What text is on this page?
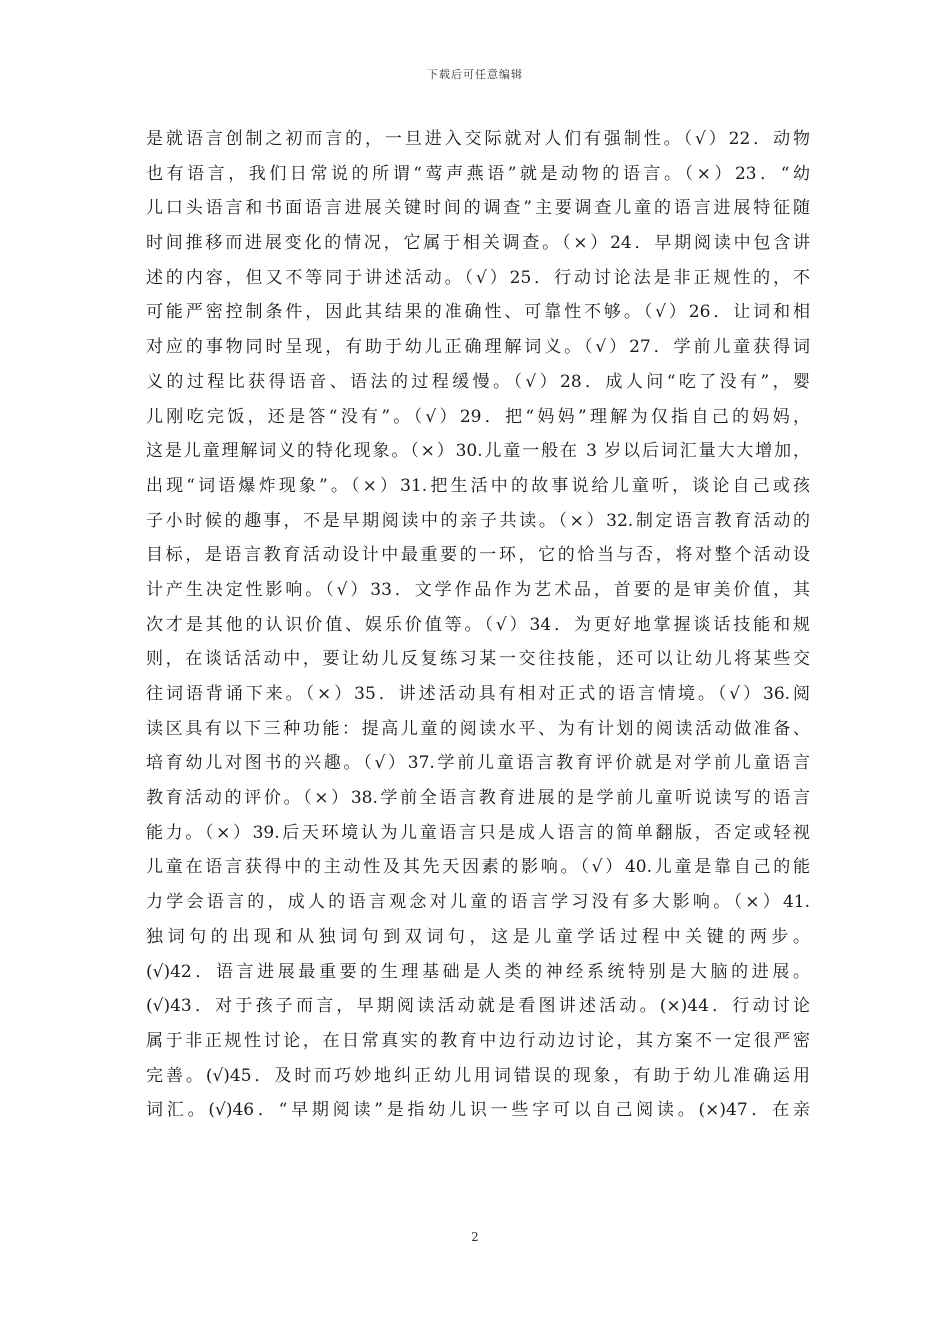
下载后可任意编辑
是就语言创制之初而言的，一旦进入交际就对人们有强制性。（√）22．动物
也有语言，我们日常说的所谓“莺声燕语”就是动物的语言。（×）23．“幼
儿口头语言和书面语言进展关键时间的调查”主要调查儿童的语言进展特征随
时间推移而进展变化的情况，它属于相关调查。（×）24．早期阅读中包含讲
述的内容，但又不等同于讲述活动。（√）25．行动讨论法是非正规性的，不
可能严密控制条件，因此其结果的准确性、可靠性不够。（√）26．让词和相
对应的事物同时呈现，有助于幼儿正确理解词义。（√）27．学前儿童获得词
义的过程比获得语音、语法的过程缓慢。（√）28．成人问“吃了没有”，婴
儿刚吃完饭，还是答“没有”。（√）29．把“妈妈”理解为仅指自己的妈妈，
这是儿童理解词义的特化现象。（×）30.儿童一般在 3 岁以后词汇量大大增加，
出现“词语爆炸现象”。（×）31.把生活中的故事说给儿童听，谈论自己或孩
子小时候的趣事，不是早期阅读中的亲子共读。（×）32.制定语言教育活动的
目标，是语言教育活动设计中最重要的一环，它的恰当与否，将对整个活动设
计产生决定性影响。（√）33．文学作品作为艺术品，首要的是审美价值，其
次才是其他的认识价值、娱乐价值等。（√）34．为更好地掌握谈话技能和规
则，在谈话活动中，要让幼儿反复练习某一交往技能，还可以让幼儿将某些交
往词语背诵下来。（×）35．讲述活动具有相对正式的语言情境。（√）36.阅
读区具有以下三种功能：提高儿童的阅读水平、为有计划的阅读活动做准备、
培育幼儿对图书的兴趣。（√）37.学前儿童语言教育评价就是对学前儿童语言
教育活动的评价。（×）38.学前全语言教育进展的是学前儿童听说读写的语言
能力。（×）39.后天环境认为儿童语言只是成人语言的简单翻版，否定或轻视
儿童在语言获得中的主动性及其先天因素的影响。（√）40.儿童是靠自己的能
力学会语言的，成人的语言观念对儿童的语言学习没有多大影响。（×）41.
独词句的出现和从独词句到双词句，这是儿童学话过程中关键的两步。
(√)42．语言进展最重要的生理基础是人类的神经系统特别是大脑的进展。
(√)43．对于孩子而言，早期阅读活动就是看图讲述活动。(×)44．行动讨论
属于非正规性讨论，在日常真实的教育中边行动边讨论，其方案不一定很严密
完善。(√)45．及时而巧妙地纠正幼儿用词错误的现象，有助于幼儿准确运用
词汇。(√)46．“早期阅读”是指幼儿识一些字可以自己阅读。(×)47．在亲
2
